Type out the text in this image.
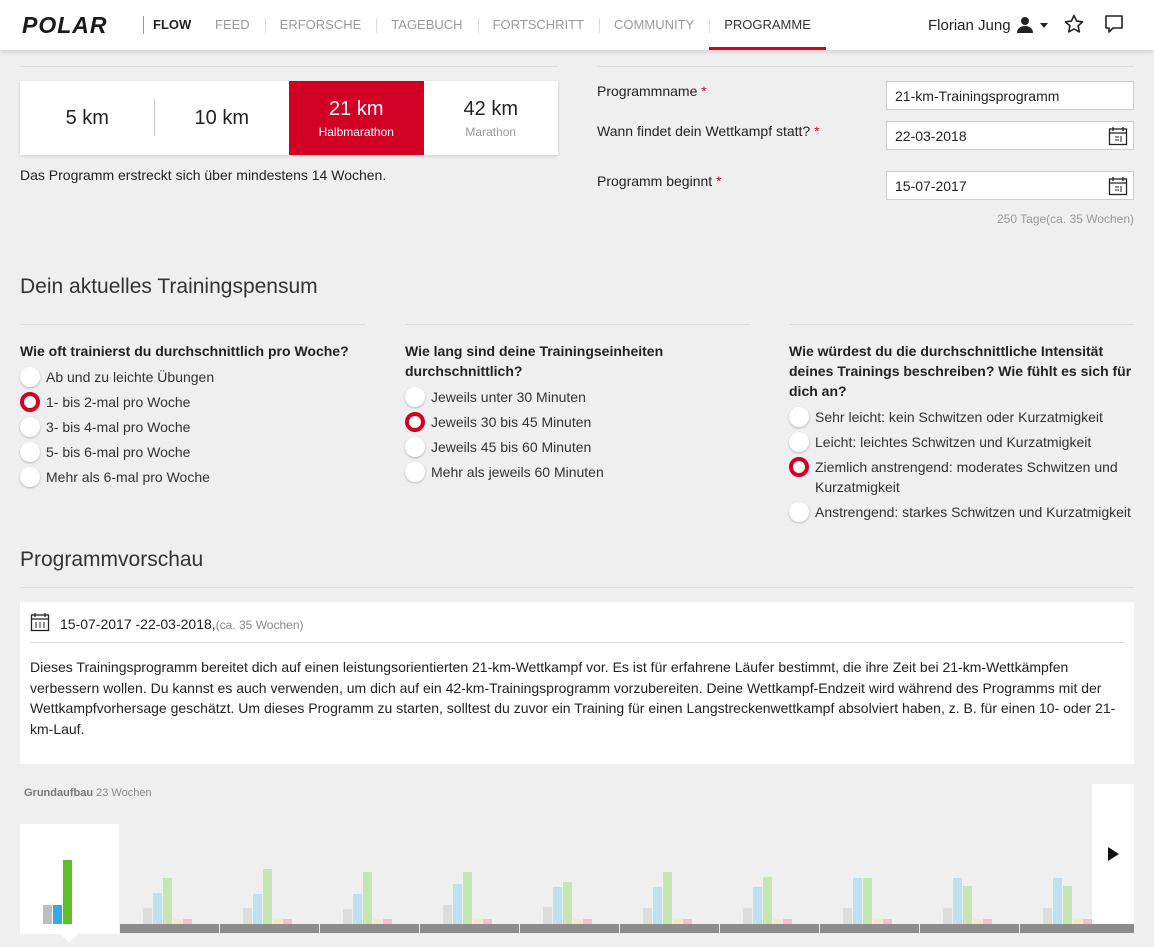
POLAR	FLOW	FEED	ERFORSCHE	TAGEBUCH	FORTSCHRITT	COMMUNITY	PROGRAMME	Florian Jung
5 km	10 km	21 km
Halbmarathon
42 km
Marathon
Das Programm erstreckt sich über mindestens 14 Wochen.
Programmname *
21-km-Trainingsprogramm
Wann findet dein Wettkampf statt? *	22-03-2018
Programm beginnt *	15-07-2017
250 Tage(ca. 35 Wochen)
Dein aktuelles Trainingspensum
Wie oft trainierst du durchschnittlich pro Woche?
Ab und zu leichte Übungen
1- bis 2-mal pro Woche
3- bis 4-mal pro Woche
5- bis 6-mal pro Woche
Mehr als 6-mal pro Woche
Wie lang sind deine Trainingseinheiten durchschnittlich?
Jeweils unter 30 Minuten
Jeweils 30 bis 45 Minuten
Jeweils 45 bis 60 Minuten
Mehr als jeweils 60 Minuten
Wie würdest du die durchschnittliche Intensität deines Trainings beschreiben? Wie fühlt es sich für dich an?
Sehr leicht: kein Schwitzen oder Kurzatmigkeit
Leicht: leichtes Schwitzen und Kurzatmigkeit
Ziemlich anstrengend: moderates Schwitzen und Kurzatmigkeit
Anstrengend: starkes Schwitzen und Kurzatmigkeit
Programmvorschau
15-07-2017 -22-03-2018,(ca. 35 Wochen)
Dieses Trainingsprogramm bereitet dich auf einen leistungsorientierten 21-km-Wettkampf vor. Es ist für erfahrene Läufer bestimmt, die ihre Zeit bei 21-km-Wettkämpfen verbessern wollen. Du kannst es auch verwenden, um dich auf ein 42-km-Trainingsprogramm vorzubereiten. Deine Wettkampf-Endzeit wird während des Programms mit der Wettkampfvorhersage geschätzt. Um dieses Programm zu starten, solltest du zuvor ein Training für einen Langstreckenwettkampf absolviert haben, z. B. für einen 10- oder 21-km-Lauf.
Grundaufbau 23 Wochen
